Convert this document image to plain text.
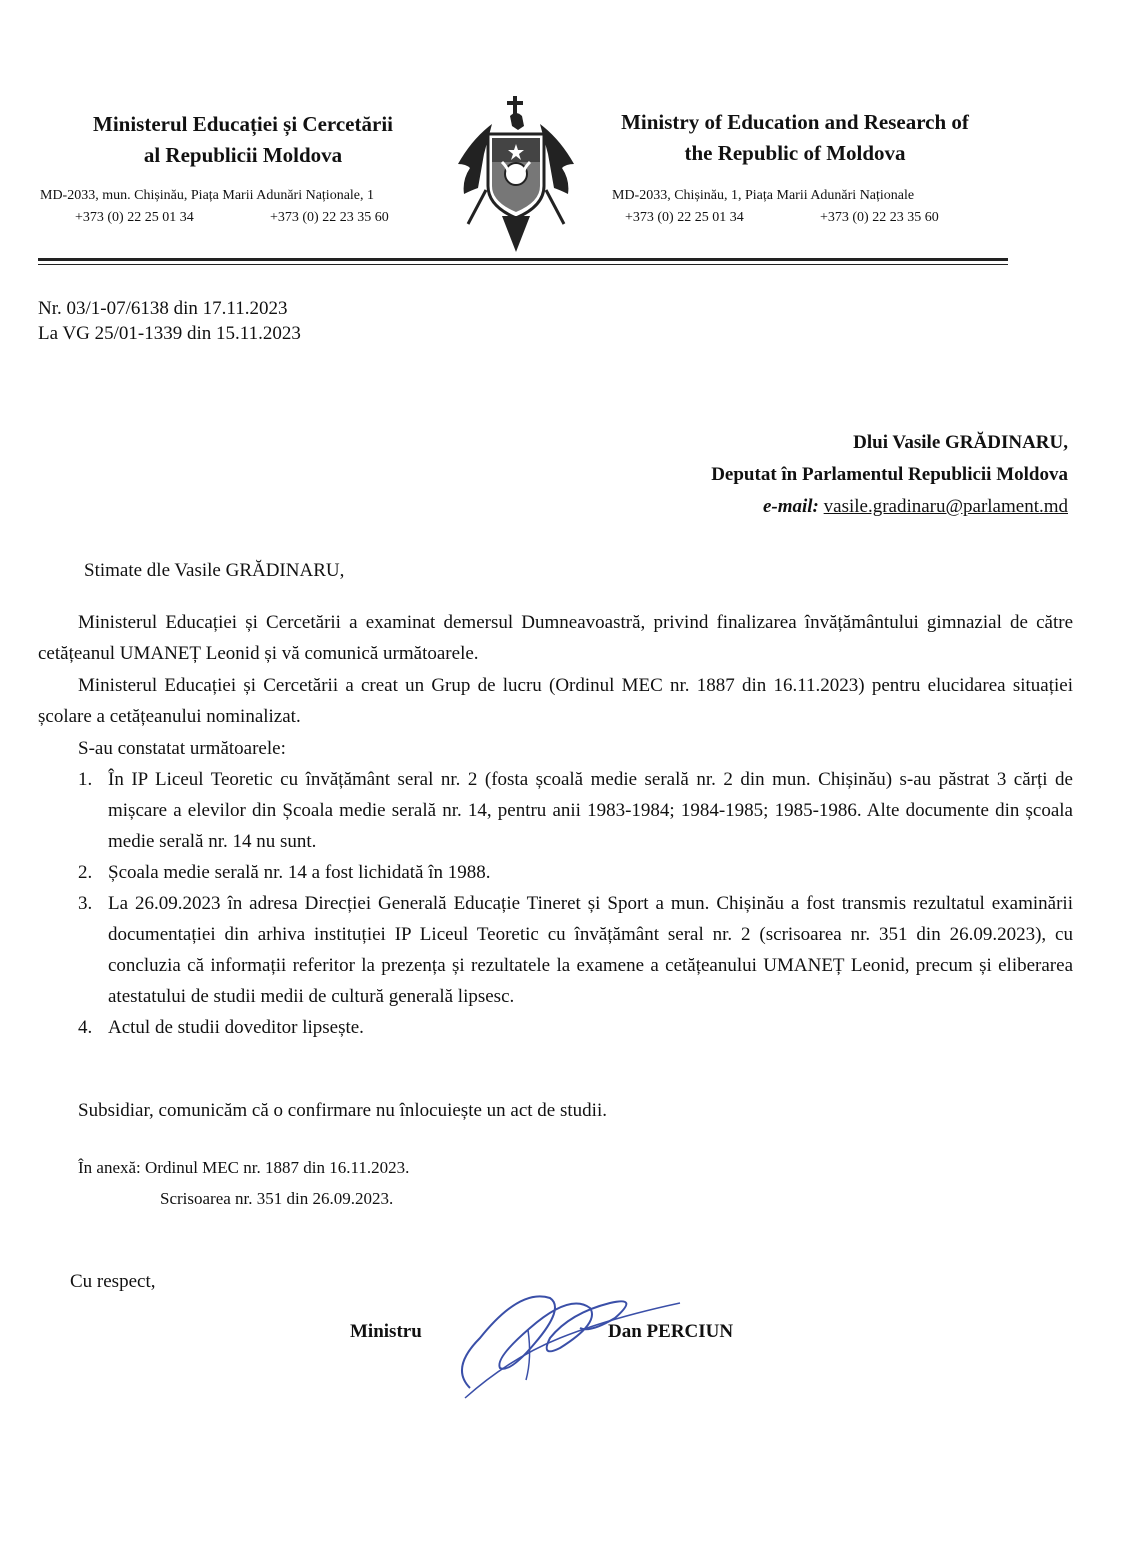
Ministerul Educației și Cercetării
al Republicii Moldova
MD-2033, mun. Chișinău, Piața Marii Adunări Naționale, 1
+373 (0) 22 25 01 34	+373 (0) 22 23 35 60
Ministry of Education and Research of
the Republic of Moldova
MD-2033, Chișinău, 1, Piața Marii Adunări Naționale
+373 (0) 22 25 01 34	+373 (0) 22 23 35 60
Nr. 03/1-07/6138 din 17.11.2023
La VG 25/01-1339 din 15.11.2023
Dlui Vasile GRĂDINARU,
Deputat în Parlamentul Republicii Moldova
e-mail: vasile.gradinaru@parlament.md
Stimate dle Vasile GRĂDINARU,
Ministerul Educației și Cercetării a examinat demersul Dumneavoastră, privind finalizarea învățământului gimnazial de către cetățeanul UMANEȚ Leonid și vă comunică următoarele.
Ministerul Educației și Cercetării a creat un Grup de lucru (Ordinul MEC nr. 1887 din 16.11.2023) pentru elucidarea situației școlare a cetățeanului nominalizat.
S-au constatat următoarele:
1. În IP Liceul Teoretic cu învățământ seral nr. 2 (fosta școală medie serală nr. 2 din mun. Chișinău) s-au păstrat 3 cărți de mișcare a elevilor din Școala medie serală nr. 14, pentru anii 1983-1984; 1984-1985; 1985-1986. Alte documente din școala medie serală nr. 14 nu sunt.
2. Școala medie serală nr. 14 a fost lichidată în 1988.
3. La 26.09.2023 în adresa Direcției Generală Educație Tineret și Sport a mun. Chișinău a fost transmis rezultatul examinării documentației din arhiva instituției IP Liceul Teoretic cu învățământ seral nr. 2 (scrisoarea nr. 351 din 26.09.2023), cu concluzia că informații referitor la prezența și rezultatele la examene a cetățeanului UMANEȚ Leonid, precum și eliberarea atestatului de studii medii de cultură generală lipsesc.
4. Actul de studii doveditor lipsește.
Subsidiar, comunicăm că o confirmare nu înlocuiește un act de studii.
În anexă: Ordinul MEC nr. 1887 din 16.11.2023.
Scrisoarea nr. 351 din 26.09.2023.
Cu respect,
Ministru	Dan PERCIUN
